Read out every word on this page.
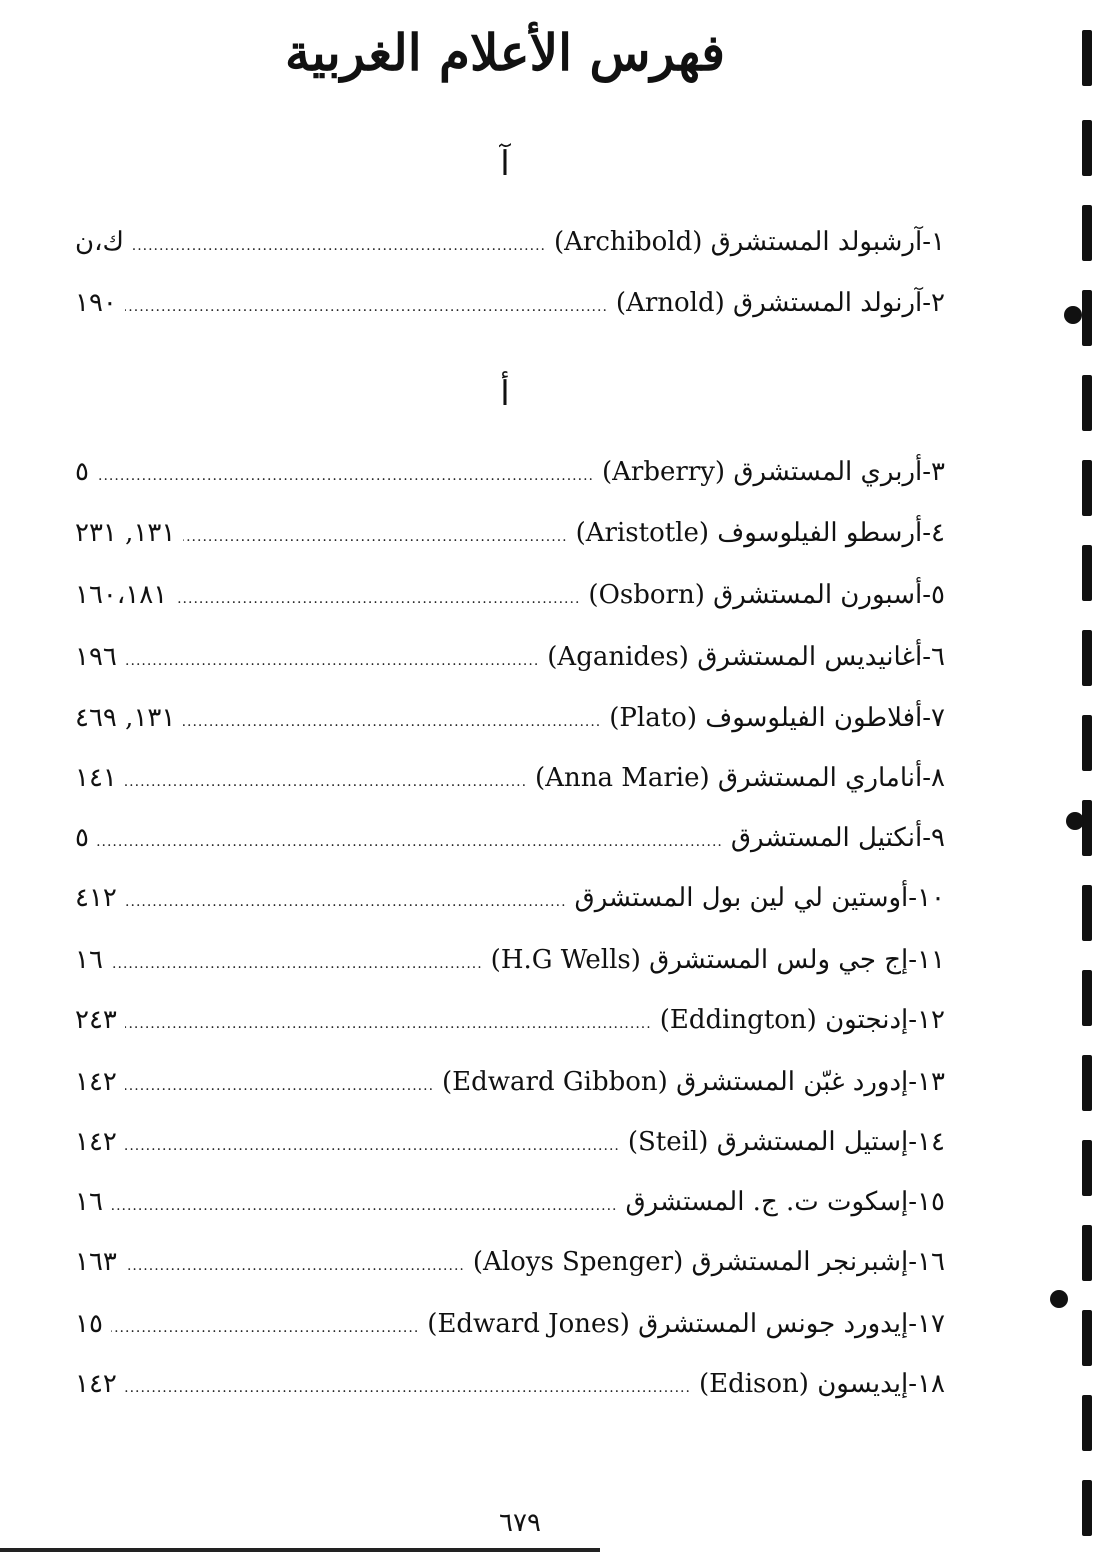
فهرس الأعلام الغربية
آ
١-آرشبولد المستشرق (Archibold)
.....
ك،ن
٢-آرنولد المستشرق (Arnold)
.....
١٩٠
أ
٣-أربري المستشرق (Arberry)
.....
٥
٤-أرسطو الفيلوسوف (Aristotle)
.....
١٣١, ٢٣١
٥-أسبورن المستشرق (Osborn)
.....
١٦٠،١٨١
٦-أغانيديس المستشرق (Aganides)
.....
١٩٦
٧-أفلاطون الفيلوسوف (Plato)
.....
١٣١, ٤٦٩
٨-أناماري المستشرق (Anna Marie)
.....
١٤١
٩-أنكتيل المستشرق
.....
٥
١٠-أوستين لي لين بول المستشرق
.....
٤١٢
١١-إج جي ولس المستشرق (H.G Wells)
.....
١٦
١٢-إدنجتون (Eddington)
.....
٢٤٣
١٣-إدورد غبّن المستشرق (Edward Gibbon)
.....
١٤٢
١٤-إستيل المستشرق (Steil)
.....
١٤٢
١٥-إسكوت ت. ج. المستشرق
.....
١٦
١٦-إشبرنجر المستشرق (Aloys Spenger)
.....
١٦٣
١٧-إيدورد جونس المستشرق (Edward Jones)
.....
١٥
١٨-إيديسون (Edison)
.....
١٤٢
٦٧٩
